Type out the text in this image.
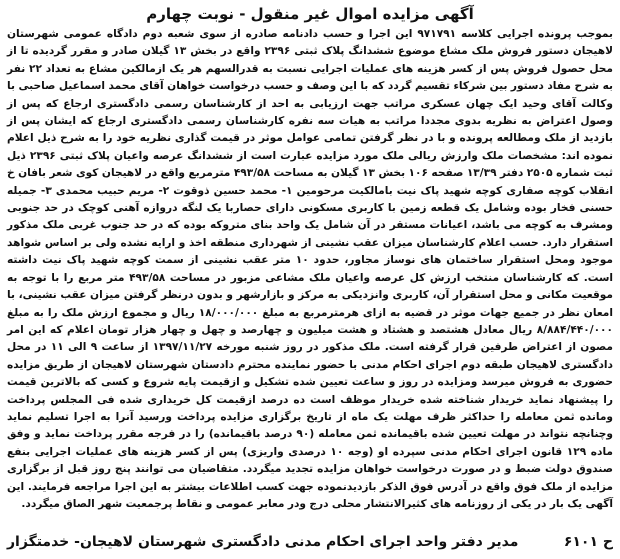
آگهی مزایده اموال غیر منقول - نوبت چهارم
بموجب پرونده اجرایی کلاسه ۹۷۱۷۹۱ این اجرا و حسب دادنامه صادره از سوی شعبه دوم دادگاه عمومی شهرستان لاهیجان دستور فروش ملک مشاع موضوع ششدانگ پلاک ثبتی ۲۳۹۶ واقع در بخش ۱۳ گیلان صادر و مقرر گردیده تا از محل حصول فروش پس از کسر هزینه های عملیات اجرایی نسبت به قدرالسهم هر یک ازمالکین مشاع به تعداد ۲۲ نفر به شرح مفاد دستور بین شرکاء تقسیم گردد که با این وصف و حسب درخواست خواهان آقای محمد اسماعیل صاحبی با وکالت آقای وحید ایک چهان عسکری مراتب جهت ارزیابی به احد از کارشناسان رسمی دادگستری ارجاع که پس از وصول اعتراض به نظریه بدوی مجددا مراتب به هیات سه نفره کارشناسان رسمی دادگستری ارجاع که ایشان پس از بازدید از ملک ومطالعه پرونده و با در نظر گرفتن تمامی عوامل موثر در قیمت گذاری نظریه خود را به شرح ذیل اعلام نموده اند: مشخصات ملک وارزش ریالی ملک مورد مزایده عبارت است از ششدانگ عرصه واعیان پلاک ثبتی ۲۳۹۶ ذیل ثبت شماره ۲۵۰۵ دفتر ۱۳/۳۹ صفحه ۱۰۶ بخش ۱۳ گیلان به مساحت ۴۹۳/۵۸ مترمربع واقع در لاهیجان کوی شعر بافان خ انقلاب کوچه صفاری کوچه شهید پاک نیت بامالکیت مرحومین ۱- محمد حسین ذوقوت ۲- مریم حبیب محمدی ۳- جمیله حسنی فخار بوده وشامل یک قطعه زمین با کاربری مسکونی دارای حصاربا یک لنگه دروازه آهنی کوچک در حد جنوبی ومشرف به کوچه می باشد، اعیانات مستقر در آن شامل یک واحد بنای متروکه بوده که در حد جنوب غربی ملک مذکور استقرار دارد. حسب اعلام کارشناسان میزان عقب نشینی از شهرداری منطقه اخذ و ارایه نشده ولی بر اساس شواهد موجود ومحل استقرار ساختمان های نوساز مجاور، حدود ۱۰ متر عقب نشینی از سمت کوچه شهید پاک نیت داشته است. که کارشناسان منتخب ارزش کل عرصه واعیان ملک مشاعی مزبور در مساحت ۴۹۳/۵۸ متر مربع را با توجه به موقعیت مکانی و محل استقرار آن، کاربری وانزدیکی به مرکز و بازارشهر و بدون درنظر گرفتن میزان عقب نشینی، با امعان نظر در جمیع جهات موثر در قضیه به ازای هرمترمربع به مبلغ ۱۸/۰۰۰/۰۰۰ ریال و مجموع ارزش ملک را به مبلغ ۸/۸۸۴/۴۴۰/۰۰۰ ریال معادل هشتصد و هشتاد و هشت میلیون و چهارصد و چهل و چهار هزار تومان اعلام که این امر مصون از اعتراض طرفین قرار گرفته است. ملک مذکور در روز شنبه مورخه ۱۳۹۷/۱۱/۲۷ از ساعت ۹ الی ۱۱ در محل دادگستری لاهیجان طبقه دوم اجرای احکام مدنی با حضور نماینده محترم دادستان شهرستان لاهیجان از طریق مزایده حضوری به فروش میرسد ومزایده در روز و ساعت تعیین شده تشکیل و ازقیمت پایه شروع و کسی که بالاترین قیمت را پیشنهاد نماید خریدار شناخته شده خریدار موظف است ده درصد ازقیمت کل خریداری شده فی المجلس پرداخت ومانده ثمن معامله را حداکثر ظرف مهلت یک ماه از تاریخ برگزاری مزایده پرداخت ورسید آنرا به اجرا تسلیم نماید وچنانچه نتواند در مهلت تعیین شده باقیمانده ثمن معامله (۹۰ درصد باقیمانده) را در فرجه مقرر پرداخت نماید و وفق ماده ۱۲۹ قانون اجرای احکام مدنی سپرده او (وجه ۱۰ درصدی واریزی) پس از کسر هزینه های عملیات اجرایی بنفع صندوق دولت ضبط و در صورت درخواست خواهان مزایده تجدید میگردد. متقاضیان می توانند پنج روز قبل از برگزاری مزایده از ملک فوق واقع در آدرس فوق الذکر بازدیدنموده جهت کسب اطلاعات بیشتر به این اجرا مراجعه فرمایند. این آگهی یک بار در یکی از روزنامه های کثیرالانتشار محلی درج ودر معابر عمومی و نقاط پرجمعیت شهر الصاق میگردد.
ح ۶۱۰۱
مدیر دفتر واحد اجرای احکام مدنی دادگستری شهرستان لاهیجان- خدمتگزار
